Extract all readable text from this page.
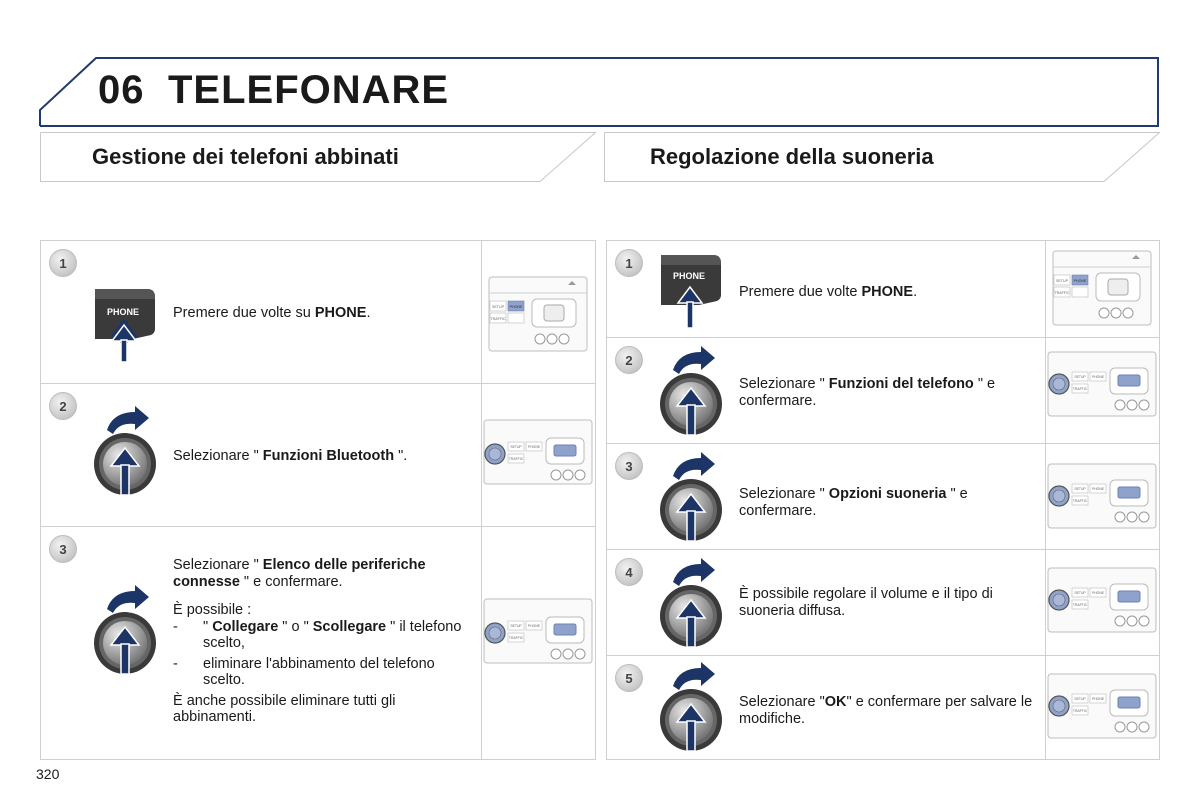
06 TELEFONARE
Gestione dei telefoni abbinati	Regolazione della suoneria
1
PHONE Premere due volte su PHONE.	SETUP PHONE
TRAFFIC
2

Selezionare " Funzioni Bluetooth ".

SETUP PHONE
TRAFFIC
3

Selezionare " Elenco delle periferiche connesse " e confermare.

È possibile :

- " Collegare " o " Scollegare " il telefono scelto,

- eliminare l'abbinamento del telefono scelto.

È anche possibile eliminare tutti gli abbinamenti.

SETUP PHONE
TRAFFIC
1
PHONE

Premere due volte PHONE.

SETUP PHONE
TRAFFIC
2

Selezionare " Funzioni del telefono " e confermare.

SETUP PHONE
TRAFFIC
3

Selezionare " Opzioni suoneria " e confermare.

SETUP PHONE
TRAFFIC
4

È possibile regolare il volume e il tipo di suoneria diffusa.

SETUP PHONE
TRAFFIC
5

Selezionare "OK" e confermare per salvare le modifiche.

SETUP PHONE
TRAFFIC
320
